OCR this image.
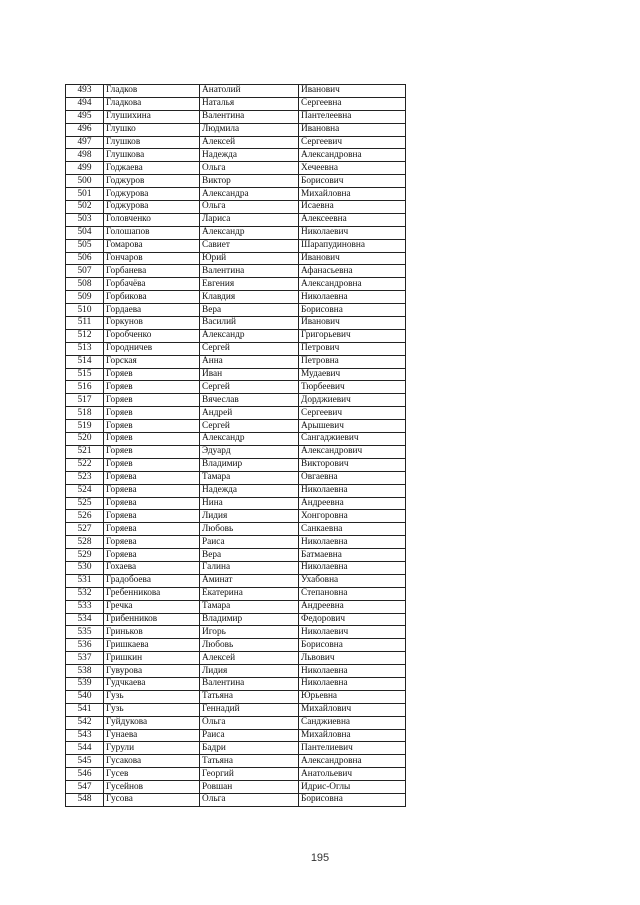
493	Гладков	Анатолий	Иванович
494	Гладкова	Наталья	Сергеевна
495	Глушихина	Валентина	Пантелеевна
496	Глушко	Людмила	Ивановна
497	Глушков	Алексей	Сергеевич
498	Глушкова	Надежда	Александровна
499	Годжаева	Ольга	Хечеевна
500	Годжуров	Виктор	Борисович
501	Годжурова	Александра	Михайловна
502	Годжурова	Ольга	Исаевна
503	Головченко	Лариса	Алексеевна
504	Голошапов	Александр	Николаевич
505	Гомарова	Савиет	Шарапудиновна
506	Гончаров	Юрий	Иванович
507	Горбанева	Валентина	Афанасьевна
508	Горбачёва	Евгения	Александровна
509	Горбикова	Клавдия	Николаевна
510	Гордаева	Вера	Борисовна
511	Горкунов	Василий	Иванович
512	Горобченко	Александр	Григорьевич
513	Городничев	Сергей	Петрович
514	Горская	Анна	Петровна
515	Горяев	Иван	Мудаевич
516	Горяев	Сергей	Тюрбеевич
517	Горяев	Вячеслав	Дорджиевич
518	Горяев	Андрей	Сергеевич
519	Горяев	Сергей	Арышевич
520	Горяев	Александр	Сангаджиевич
521	Горяев	Эдуард	Александрович
522	Горяев	Владимир	Викторович
523	Горяева	Тамара	Овгаевна
524	Горяева	Надежда	Николаевна
525	Горяева	Нина	Андреевна
526	Горяева	Лидия	Хонгоровна
527	Горяева	Любовь	Санкаевна
528	Горяева	Раиса	Николаевна
529	Горяева	Вера	Батмаевна
530	Гохаева	Галина	Николаевна
531	Градобоева	Аминат	Ухабовна
532	Гребенникова	Екатерина	Степановна
533	Гречка	Тамара	Андреевна
534	Грибенников	Владимир	Федорович
535	Гриньков	Игорь	Николаевич
536	Гришкаева	Любовь	Борисовна
537	Гришкин	Алексей	Львович
538	Гувурова	Лидия	Николаевна
539	Гудчкаева	Валентина	Николаевна
540	Гузь	Татьяна	Юрьевна
541	Гузь	Геннадий	Михайлович
542	Гуйдукова	Ольга	Санджиевна
543	Гунаева	Раиса	Михайловна
544	Гурули	Бадри	Пантелиевич
545	Гусакова	Татьяна	Александровна
546	Гусев	Георгий	Анатольевич
547	Гусейнов	Ровшан	Идрис-Оглы
548	Гусова	Ольга	Борисовна
195
